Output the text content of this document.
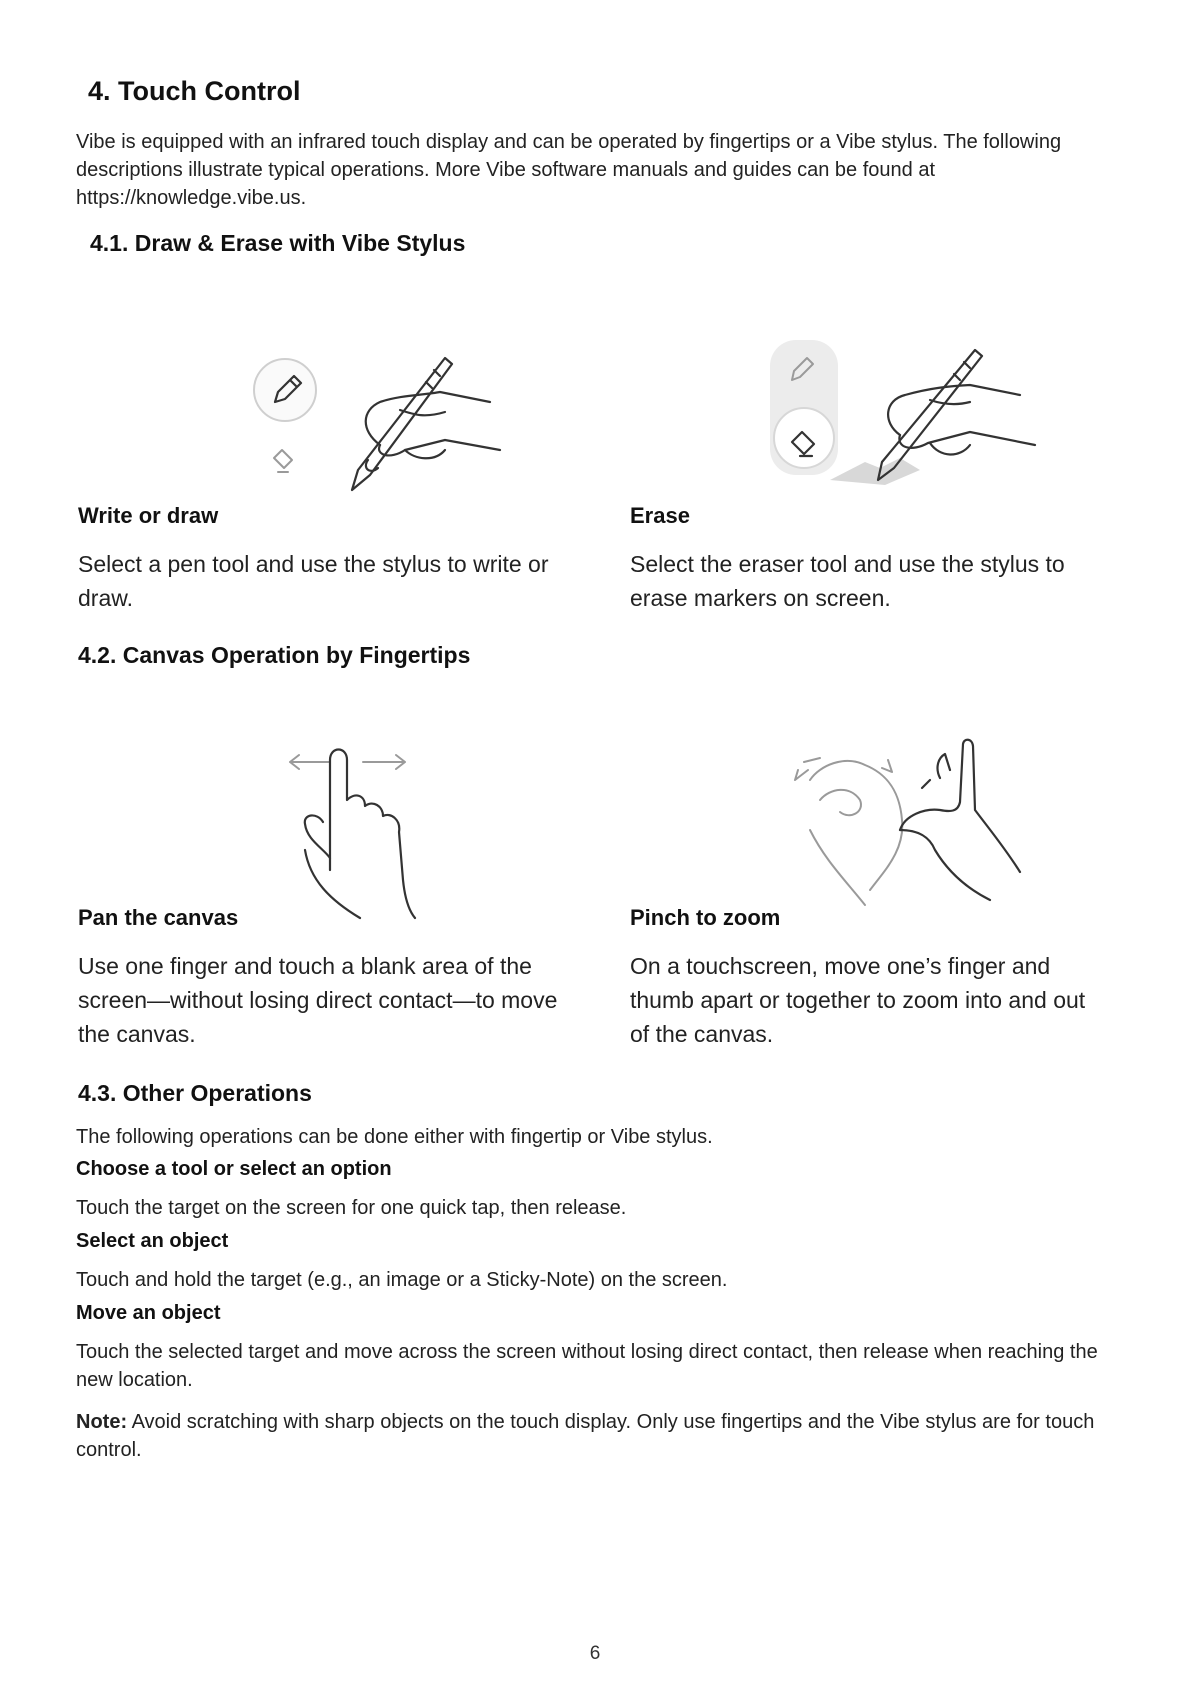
4. Touch Control

Vibe is equipped with an infrared touch display and can be operated by fingertips or a Vibe stylus. The following descriptions illustrate typical operations. More Vibe software manuals and guides can be found at https://knowledge.vibe.us.

4.1. Draw & Erase with Vibe Stylus
Write or draw

Select a pen tool and use the stylus to write or draw.

Erase

Select the eraser tool and use the stylus to erase markers on screen.

4.2. Canvas Operation by Fingertips
Pan the canvas

Use one finger and touch a blank area of the screen—without losing direct contact—to move the canvas.

Pinch to zoom

On a touchscreen, move one’s finger and thumb apart or together to zoom into and out of the canvas.

4.3. Other Operations

The following operations can be done either with fingertip or Vibe stylus.

Choose a tool or select an option

Touch the target on the screen for one quick tap, then release.

Select an object

Touch and hold the target (e.g., an image or a Sticky-Note) on the screen.

Move an object

Touch the selected target and move across the screen without losing direct contact, then release when reaching the new location.

Note: Avoid scratching with sharp objects on the touch display. Only use fingertips and the Vibe stylus are for touch control.

6
